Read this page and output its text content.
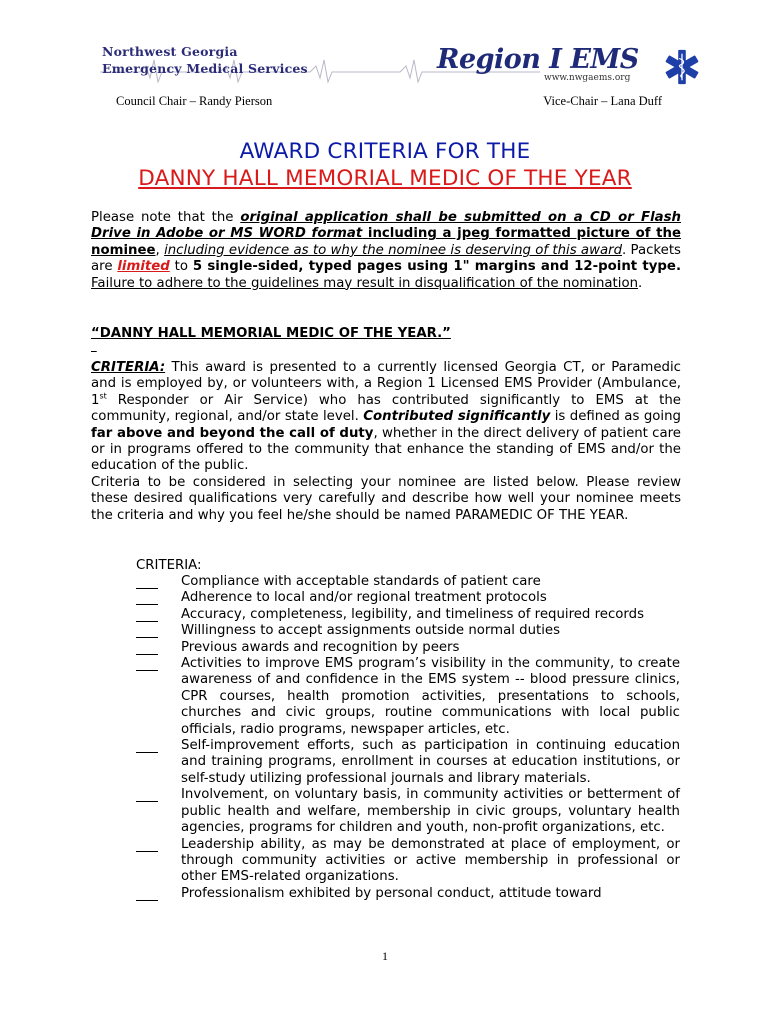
Northwest Georgia
Emergency Medical Services	Region I EMS
www.nwgaems.org
Council Chair – Randy Pierson	Vice-Chair – Lana Duff
AWARD CRITERIA FOR THE
DANNY HALL MEMORIAL MEDIC OF THE YEAR
Please note that the original application shall be submitted on a CD or Flash Drive in Adobe or MS WORD format including a jpeg formatted picture of the nominee, including evidence as to why the nominee is deserving of this award. Packets are limited to 5 single-sided, typed pages using 1" margins and 12-point type. Failure to adhere to the guidelines may result in disqualification of the nomination.
“DANNY HALL MEMORIAL MEDIC OF THE YEAR.”

CRITERIA: This award is presented to a currently licensed Georgia CT, or Paramedic and is employed by, or volunteers with, a Region 1 Licensed EMS Provider (Ambulance, 1st Responder or Air Service) who has contributed significantly to EMS at the community, regional, and/or state level. Contributed significantly is defined as going far above and beyond the call of duty, whether in the direct delivery of patient care or in programs offered to the community that enhance the standing of EMS and/or the education of the public.
Criteria to be considered in selecting your nominee are listed below. Please review these desired qualifications very carefully and describe how well your nominee meets the criteria and why you feel he/she should be named PARAMEDIC OF THE YEAR.
CRITERIA:
Compliance with acceptable standards of patient care
Adherence to local and/or regional treatment protocols
Accuracy, completeness, legibility, and timeliness of required records
Willingness to accept assignments outside normal duties
Previous awards and recognition by peers
Activities to improve EMS program’s visibility in the community, to create awareness of and confidence in the EMS system -- blood pressure clinics, CPR courses, health promotion activities, presentations to schools, churches and civic groups, routine communications with local public officials, radio programs, newspaper articles, etc.
Self-improvement efforts, such as participation in continuing education and training programs, enrollment in courses at education institutions, or self-study utilizing professional journals and library materials.
Involvement, on voluntary basis, in community activities or betterment of public health and welfare, membership in civic groups, voluntary health agencies, programs for children and youth, non-profit organizations, etc.
Leadership ability, as may be demonstrated at place of employment, or through community activities or active membership in professional or other EMS-related organizations.
Professionalism exhibited by personal conduct, attitude toward
1
